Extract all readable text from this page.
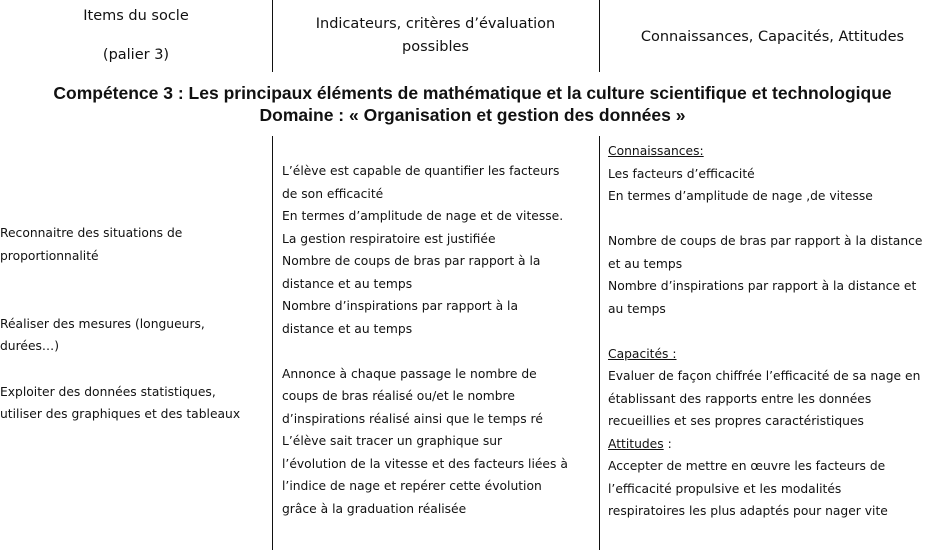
Items du socle
(palier 3)
Indicateurs, critères d’évaluation
possibles
Connaissances, Capacités, Attitudes
Compétence 3 : Les principaux éléments de mathématique et la culture scientifique et technologique
Domaine : « Organisation et gestion des données »
Reconnaitre des situations de
proportionnalité
Réaliser des mesures (longueurs,
durées…)
Exploiter des données statistiques,
utiliser des graphiques et des tableaux
L’élève est capable de quantifier les facteurs
de son efficacité
En termes d’amplitude de nage et de vitesse.
La gestion respiratoire est justifiée
Nombre de coups de bras par rapport à la
distance et au temps
Nombre d’inspirations par rapport à la
distance et au temps
Annonce à chaque passage le nombre de
coups de bras réalisé ou/et le nombre
d’inspirations réalisé ainsi que le temps ré
L’élève sait tracer un graphique sur
l’évolution de la vitesse et des facteurs liées à
l’indice de nage et repérer cette évolution
grâce à la graduation réalisée
Connaissances:
Les facteurs d’efficacité
En termes d’amplitude de nage ,de vitesse
Nombre de coups de bras par rapport à la distance
et au temps
Nombre d’inspirations par rapport à la distance et
au temps
Capacités :
Evaluer de façon chiffrée l’efficacité de sa nage en
établissant des rapports entre les données
recueillies et ses propres caractéristiques
Attitudes :
Accepter de mettre en œuvre les facteurs de
l’efficacité propulsive et les modalités
respiratoires les plus adaptés pour nager vite
